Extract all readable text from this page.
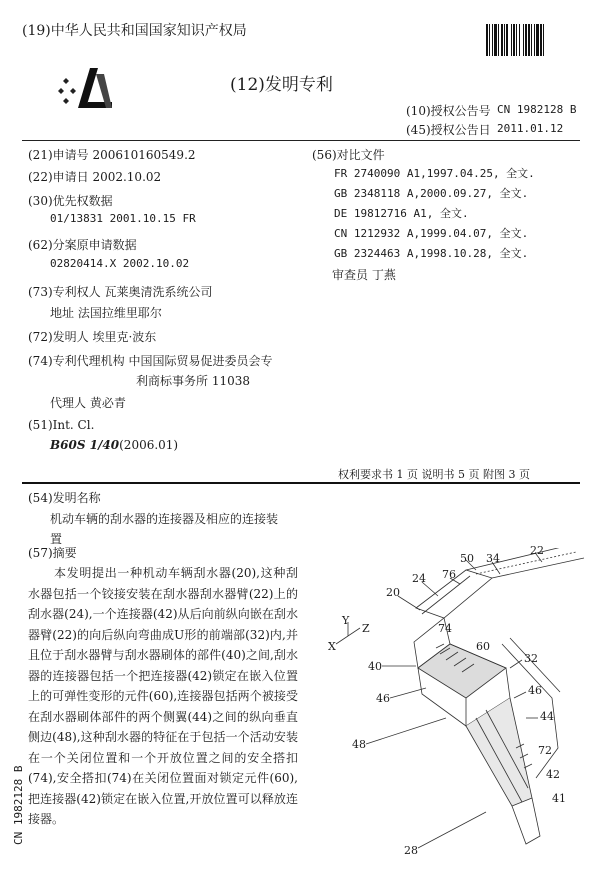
(19)中华人民共和国国家知识产权局
(12)发明专利
(10)授权公告号 CN 1982128 B
(45)授权公告日 2011.01.12
(21)申请号 200610160549.2
(22)申请日 2002.10.02
(30)优先权数据
01/13831 2001.10.15 FR
(62)分案原申请数据
02820414.X 2002.10.02
(73)专利权人 瓦莱奥清洗系统公司
地址 法国拉维里耶尔
(72)发明人 埃里克·波东
(74)专利代理机构 中国国际贸易促进委员会专
利商标事务所 11038
代理人 黄必青
(51)Int. Cl.
B60S 1/40(2006.01)
(56)对比文件
FR 2740090 A1,1997.04.25, 全文.
GB 2348118 A,2000.09.27, 全文.
DE 19812716 A1, 全文.
CN 1212932 A,1999.04.07, 全文.
GB 2324463 A,1998.10.28, 全文.
审查员 丁燕
权利要求书 1 页 说明书 5 页 附图 3 页
(54)发明名称
机动车辆的刮水器的连接器及相应的连接装
置
(57)摘要

本发明提出一种机动车辆刮水器(20),这种刮水器包括一个铰接安装在刮水器刮水器臂(22)上的刮水器(24),一个连接器(42)从后向前纵向嵌在刮水器臂(22)的向后纵向弯曲成U形的前端部(32)内,并且位于刮水器臂与刮水器刷体的部件(40)之间,刮水器的连接器包括一个把连接器(42)锁定在嵌入位置上的可弹性变形的元件(60),连接器包括两个被接受在刮水器刷体部件的两个侧翼(44)之间的纵向垂直侧边(48),这种刮水器的特征在于包括一个活动安装在一个关闭位置和一个开放位置之间的安全搭扣(74),安全搭扣(74)在关闭位置面对锁定元件(60),把连接器(42)锁定在嵌入位置,开放位置可以释放连接器。

20
24 76
50 34
22
40
32
46
44
46
48	72
42
74
60
41
28
Y
X
Z
CN 1982128 B
